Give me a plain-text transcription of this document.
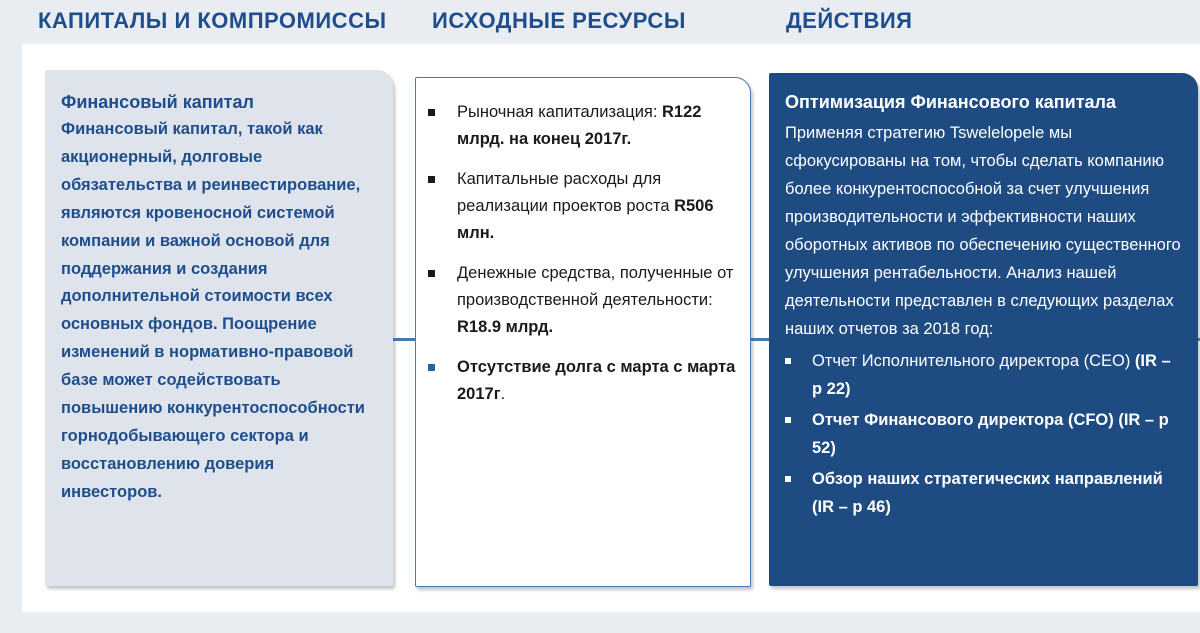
КАПИТАЛЫ И КОМПРОМИССЫ ИСХОДНЫЕ РЕСУРСЫ	ДЕЙСТВИЯ
Финансовый капитал
Финансовый капитал, такой как акционерный, долговые обязательства и реинвестирование, являются кровеносной системой компании и важной основой для поддержания и создания дополнительной стоимости всех основных фондов. Поощрение изменений в нормативно-правовой базе может содействовать повышению конкурентоспособности горнодобывающего сектора и восстановлению доверия инвесторов.
Рыночная капитализация: R122 млрд. на конец 2017г.
Капитальные расходы для реализации проектов роста R506 млн.
Денежные средства, полученные от производственной деятельности: R18.9 млрд.
Отсутствие долга с марта с марта 2017г.
Оптимизация Финансового капитала
Применяя стратегию Tswelelopele мы сфокусированы на том, чтобы сделать компанию более конкурентоспособной за счет улучшения производительности и эффективности наших оборотных активов по обеспечению существенного улучшения рентабельности. Анализ нашей деятельности представлен в следующих разделах наших отчетов за 2018 год:
Отчет Исполнительного директора (CEO) (IR – p 22)
Отчет Финансового директора (CFO) (IR – p 52)
Обзор наших стратегических направлений (IR – p 46)
